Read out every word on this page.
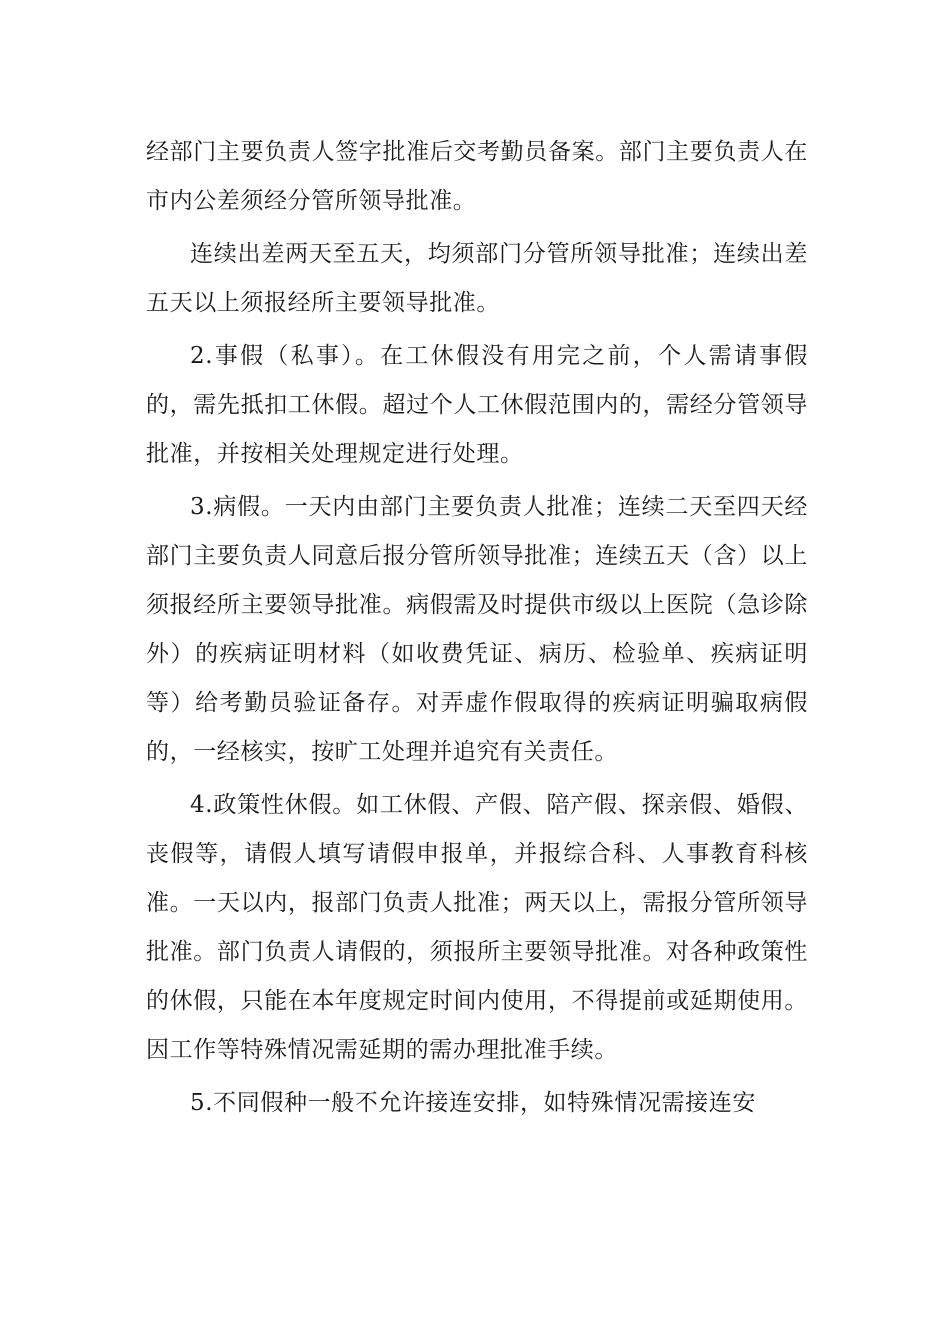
经部门主要负责人签字批准后交考勤员备案。部门主要负责人在市内公差须经分管所领导批准。

连续出差两天至五天，均须部门分管所领导批准；连续出差五天以上须报经所主要领导批准。

2.事假（私事）。在工休假没有用完之前，个人需请事假的，需先抵扣工休假。超过个人工休假范围内的，需经分管领导批准，并按相关处理规定进行处理。

3.病假。一天内由部门主要负责人批准；连续二天至四天经部门主要负责人同意后报分管所领导批准；连续五天（含）以上须报经所主要领导批准。病假需及时提供市级以上医院（急诊除外）的疾病证明材料（如收费凭证、病历、检验单、疾病证明等）给考勤员验证备存。对弄虚作假取得的疾病证明骗取病假的，一经核实，按旷工处理并追究有关责任。

4.政策性休假。如工休假、产假、陪产假、探亲假、婚假、丧假等，请假人填写请假申报单，并报综合科、人事教育科核准。一天以内，报部门负责人批准；两天以上，需报分管所领导批准。部门负责人请假的，须报所主要领导批准。对各种政策性的休假，只能在本年度规定时间内使用，不得提前或延期使用。因工作等特殊情况需延期的需办理批准手续。

5.不同假种一般不允许接连安排，如特殊情况需接连安
